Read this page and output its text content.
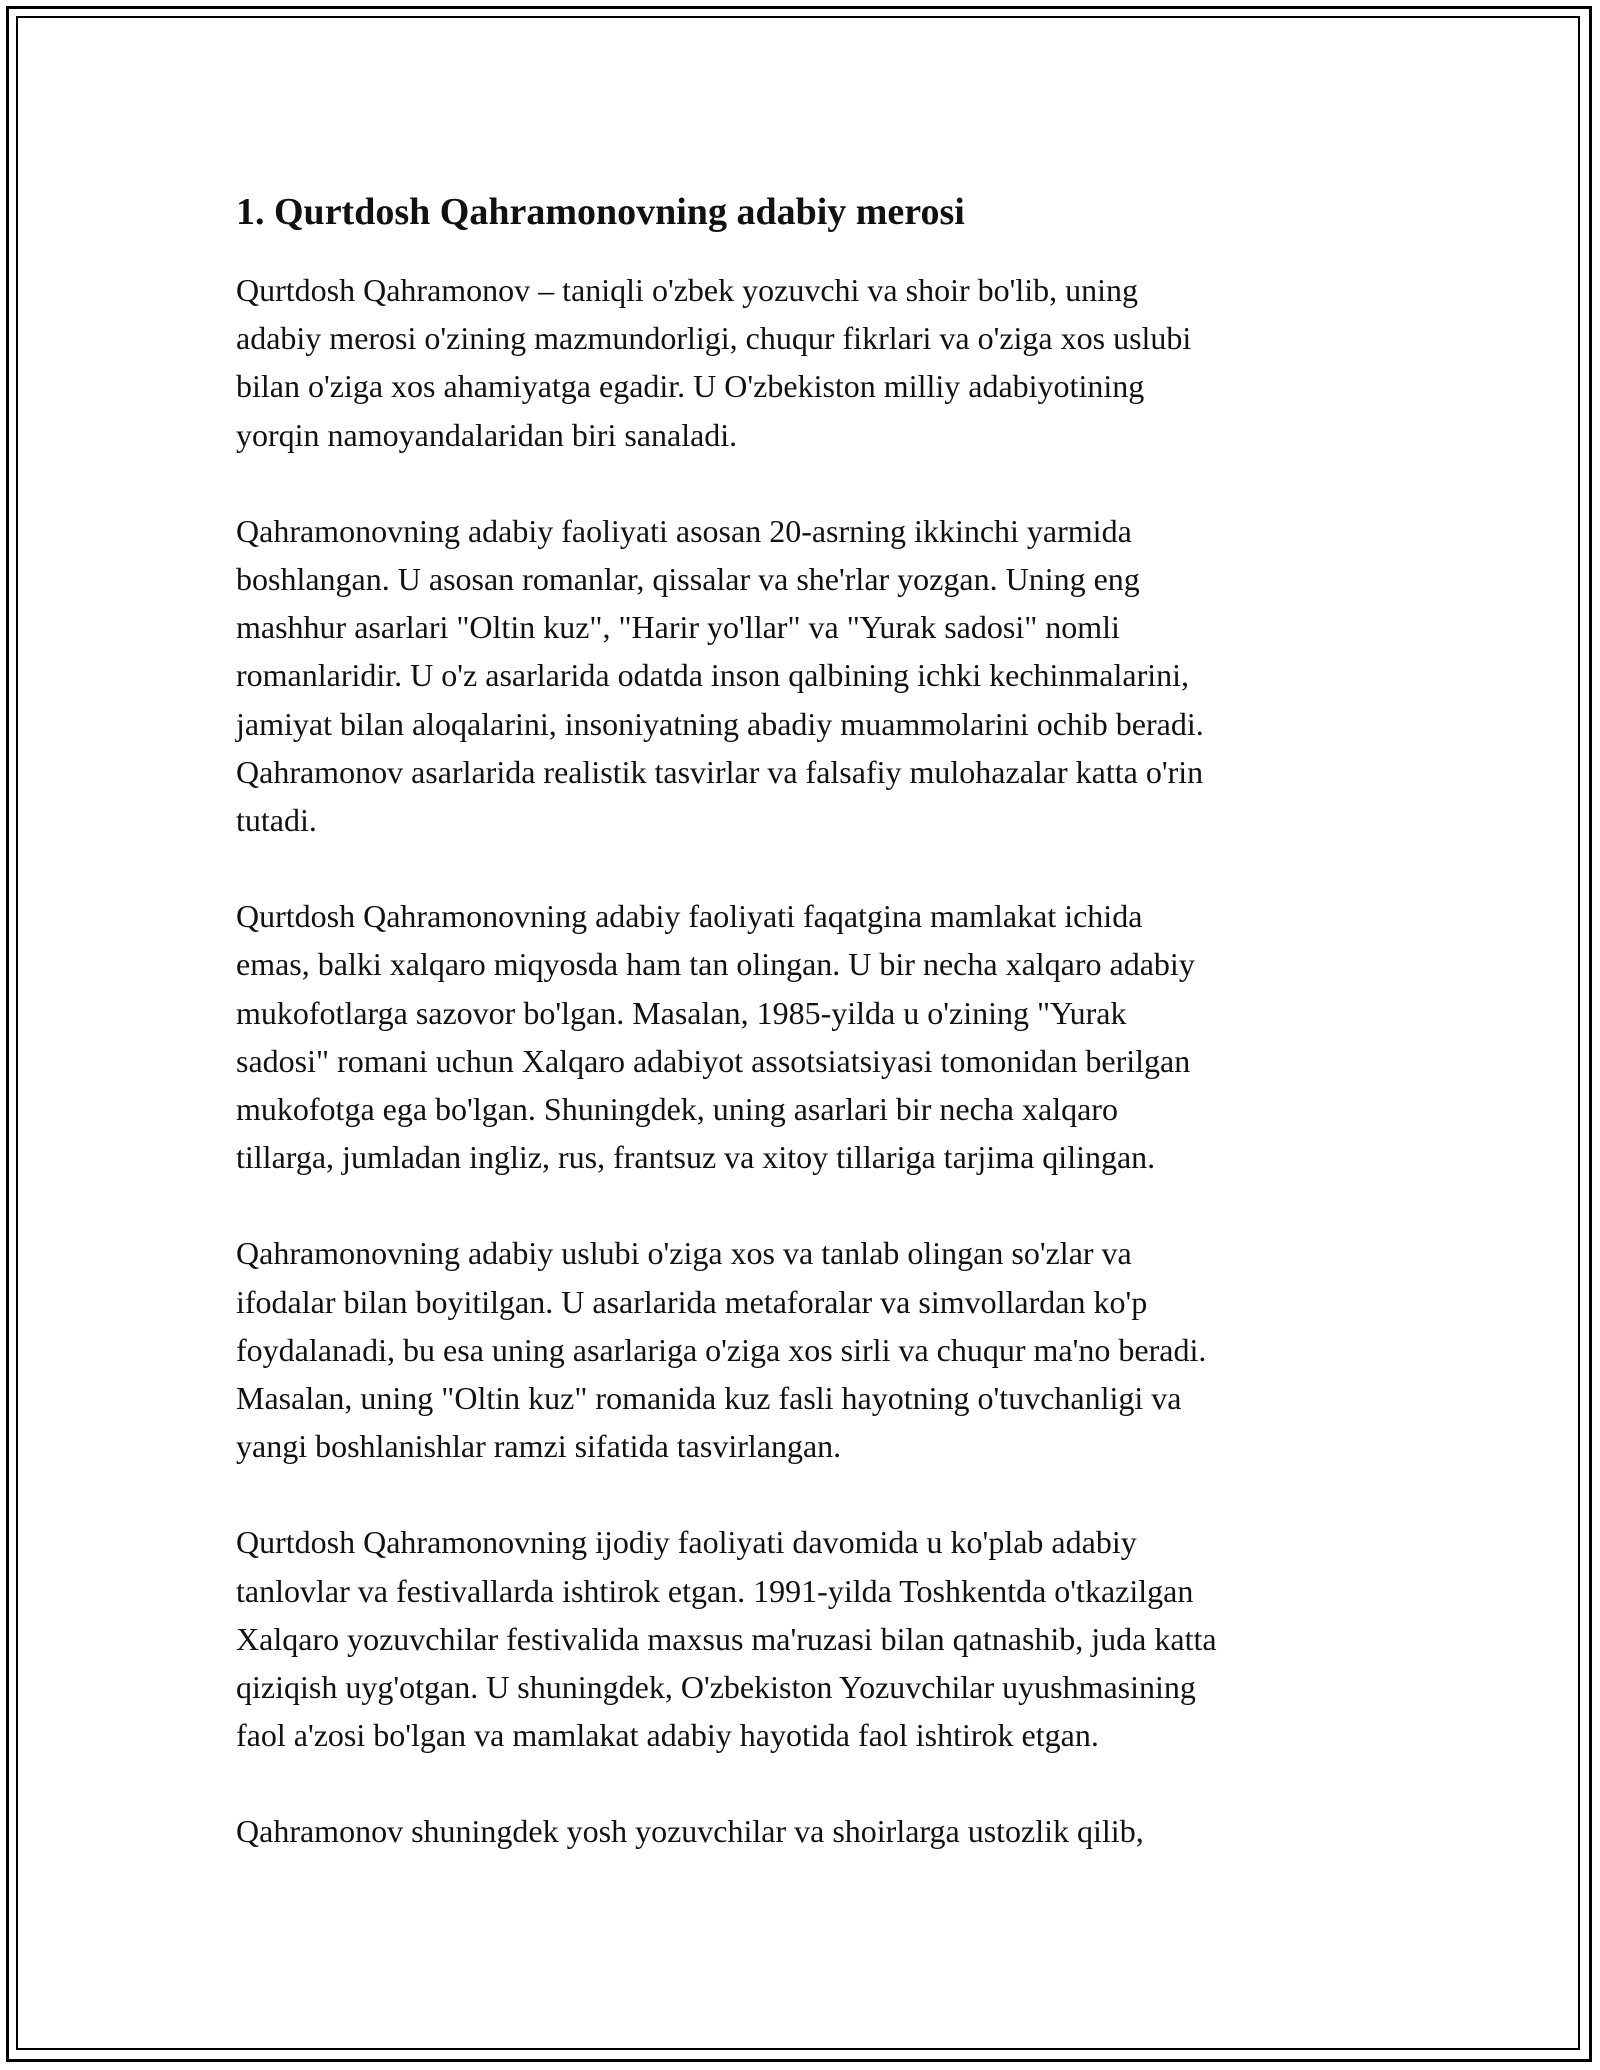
1. Qurtdosh Qahramonovning adabiy merosi

Qurtdosh Qahramonov – taniqli o'zbek yozuvchi va shoir bo'lib, uning
adabiy merosi o'zining mazmundorligi, chuqur fikrlari va o'ziga xos uslubi
bilan o'ziga xos ahamiyatga egadir. U O'zbekiston milliy adabiyotining
yorqin namoyandalaridan biri sanaladi.

Qahramonovning adabiy faoliyati asosan 20-asrning ikkinchi yarmida
boshlangan. U asosan romanlar, qissalar va she'rlar yozgan. Uning eng
mashhur asarlari "Oltin kuz", "Harir yo'llar" va "Yurak sadosi" nomli
romanlaridir. U o'z asarlarida odatda inson qalbining ichki kechinmalarini,
jamiyat bilan aloqalarini, insoniyatning abadiy muammolarini ochib beradi.
Qahramonov asarlarida realistik tasvirlar va falsafiy mulohazalar katta o'rin
tutadi.

Qurtdosh Qahramonovning adabiy faoliyati faqatgina mamlakat ichida
emas, balki xalqaro miqyosda ham tan olingan. U bir necha xalqaro adabiy
mukofotlarga sazovor bo'lgan. Masalan, 1985-yilda u o'zining "Yurak
sadosi" romani uchun Xalqaro adabiyot assotsiatsiyasi tomonidan berilgan
mukofotga ega bo'lgan. Shuningdek, uning asarlari bir necha xalqaro
tillarga, jumladan ingliz, rus, frantsuz va xitoy tillariga tarjima qilingan.

Qahramonovning adabiy uslubi o'ziga xos va tanlab olingan so'zlar va
ifodalar bilan boyitilgan. U asarlarida metaforalar va simvollardan ko'p
foydalanadi, bu esa uning asarlariga o'ziga xos sirli va chuqur ma'no beradi.
Masalan, uning "Oltin kuz" romanida kuz fasli hayotning o'tuvchanligi va
yangi boshlanishlar ramzi sifatida tasvirlangan.

Qurtdosh Qahramonovning ijodiy faoliyati davomida u ko'plab adabiy
tanlovlar va festivallarda ishtirok etgan. 1991-yilda Toshkentda o'tkazilgan
Xalqaro yozuvchilar festivalida maxsus ma'ruzasi bilan qatnashib, juda katta
qiziqish uyg'otgan. U shuningdek, O'zbekiston Yozuvchilar uyushmasining
faol a'zosi bo'lgan va mamlakat adabiy hayotida faol ishtirok etgan.

Qahramonov shuningdek yosh yozuvchilar va shoirlarga ustozlik qilib,
